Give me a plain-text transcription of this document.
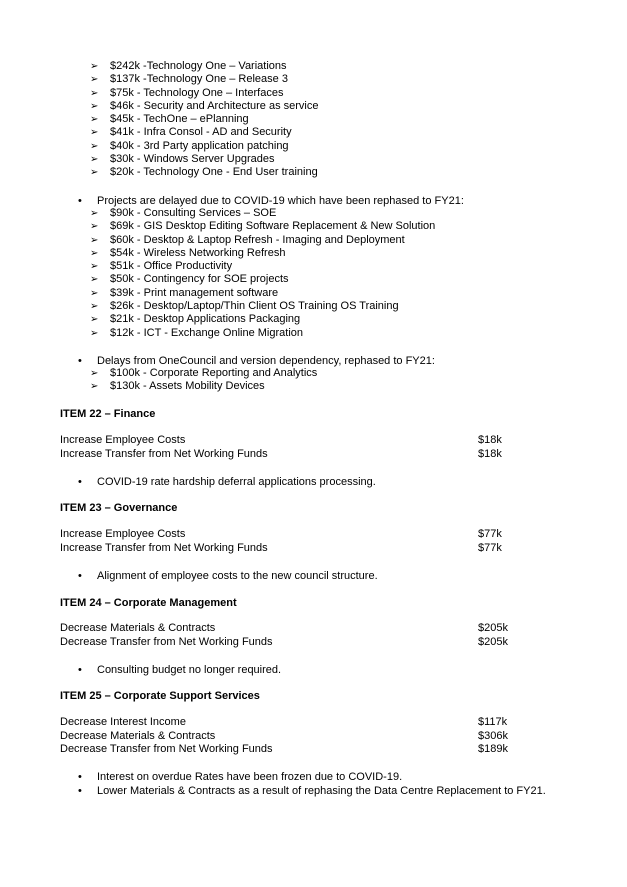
➢ $242k -Technology One – Variations
➢ $137k -Technology One – Release 3
➢ $75k - Technology One – Interfaces
➢ $46k - Security and Architecture as service
➢ $45k - TechOne – ePlanning
➢ $41k - Infra Consol - AD and Security
➢ $40k - 3rd Party application patching
➢ $30k - Windows Server Upgrades
➢ $20k - Technology One - End User training
• Projects are delayed due to COVID-19 which have been rephased to FY21:
➢ $90k - Consulting Services – SOE
➢ $69k - GIS Desktop Editing Software Replacement & New Solution
➢ $60k - Desktop & Laptop Refresh - Imaging and Deployment
➢ $54k - Wireless Networking Refresh
➢ $51k - Office Productivity
➢ $50k - Contingency for SOE projects
➢ $39k - Print management software
➢ $26k - Desktop/Laptop/Thin Client OS Training OS Training
➢ $21k - Desktop Applications Packaging
➢ $12k - ICT - Exchange Online Migration
• Delays from OneCouncil and version dependency, rephased to FY21:
➢ $100k - Corporate Reporting and Analytics
➢ $130k - Assets Mobility Devices
ITEM 22 – Finance
Increase Employee Costs	$18k
Increase Transfer from Net Working Funds	$18k
• COVID-19 rate hardship deferral applications processing.
ITEM 23 – Governance
Increase Employee Costs	$77k
Increase Transfer from Net Working Funds	$77k
• Alignment of employee costs to the new council structure.
ITEM 24 – Corporate Management
Decrease Materials & Contracts	$205k
Decrease Transfer from Net Working Funds	$205k
• Consulting budget no longer required.
ITEM 25 – Corporate Support Services
Decrease Interest Income	$117k
Decrease Materials & Contracts	$306k
Decrease Transfer from Net Working Funds	$189k
• Interest on overdue Rates have been frozen due to COVID-19.
• Lower Materials & Contracts as a result of rephasing the Data Centre Replacement to FY21.
